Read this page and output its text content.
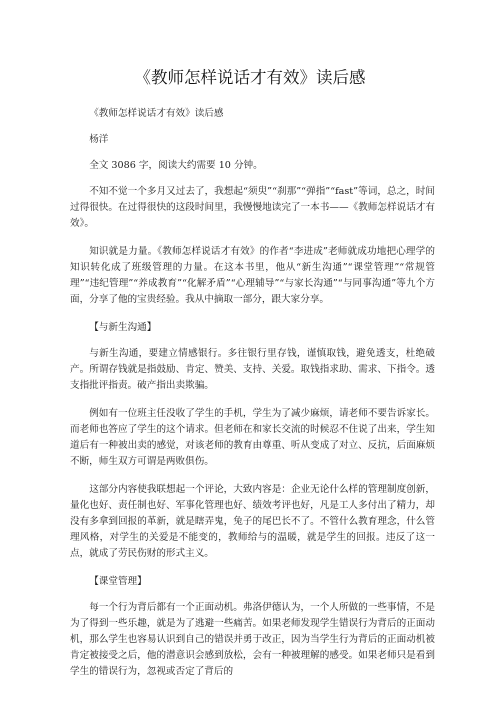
《教师怎样说话才有效》读后感

《教师怎样说话才有效》读后感

杨洋

全文 3086 字，阅读大约需要 10 分钟。

不知不觉一个多月又过去了，我想起“须臾”“刹那”“弹指”“fast”等词，总之，时间过得很快。在过得很快的这段时间里，我慢慢地读完了一本书——《教师怎样说话才有效》。

知识就是力量。《教师怎样说话才有效》的作者“李进成”老师就成功地把心理学的知识转化成了班级管理的力量。在这本书里，他从“新生沟通”“课堂管理”“常规管理”“违纪管理”“养成教育”“化解矛盾”“心理辅导”“与家长沟通”“与同事沟通”等九个方面，分享了他的宝贵经验。我从中摘取一部分，跟大家分享。

【与新生沟通】

与新生沟通，要建立情感银行。多往银行里存钱，谨慎取钱，避免透支，杜绝破产。所谓存钱就是指鼓励、肯定、赞美、支持、关爱。取钱指求助、需求、下指令。透支指批评指责。破产指出卖欺骗。

例如有一位班主任没收了学生的手机，学生为了减少麻烦，请老师不要告诉家长。而老师也答应了学生的这个请求。但老师在和家长交流的时候忍不住说了出来，学生知道后有一种被出卖的感觉，对该老师的教育由尊重、听从变成了对立、反抗，后面麻烦不断，师生双方可谓是两败俱伤。

这部分内容使我联想起一个评论，大致内容是：企业无论什么样的管理制度创新，量化也好、责任制也好、军事化管理也好、绩效考评也好，凡是工人多付出了精力，却没有多拿到回报的革新，就是瞎弄鬼，兔子的尾巴长不了。不管什么教育理念，什么管理风格，对学生的关爱是不能变的，教师给与的温暖，就是学生的回报。违反了这一点，就成了劳民伤财的形式主义。

【课堂管理】

每一个行为背后都有一个正面动机。弗洛伊德认为，一个人所做的一些事情，不是为了得到一些乐趣，就是为了逃避一些痛苦。如果老师发现学生错误行为背后的正面动机，那么学生也容易认识到自己的错误并勇于改正，因为当学生行为背后的正面动机被肯定被接受之后，他的潜意识会感到放松，会有一种被理解的感受。如果老师只是看到学生的错误行为，忽视或否定了背后的
